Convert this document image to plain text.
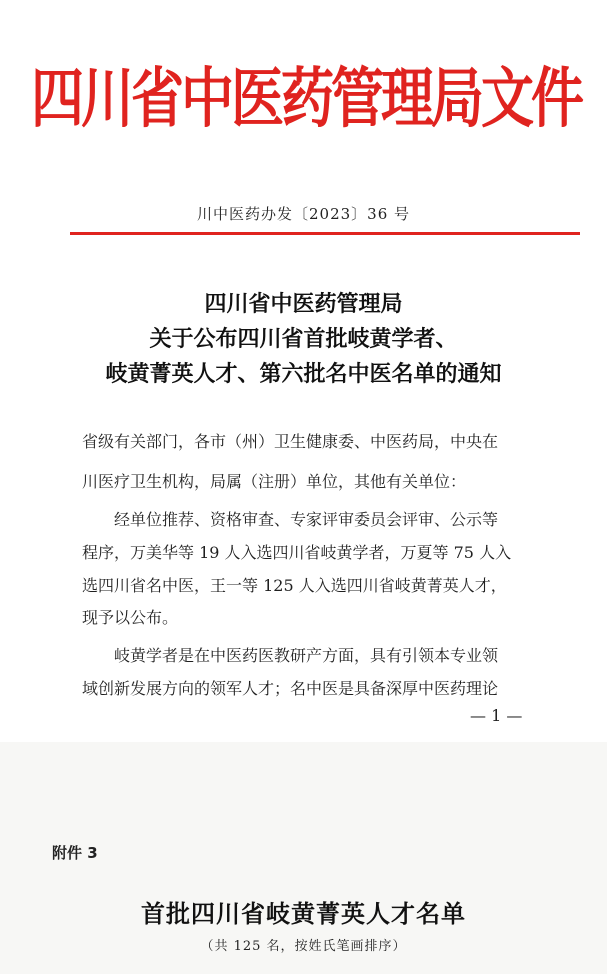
四川省中医药管理局文件
川中医药办发〔2023〕36 号
四川省中医药管理局
关于公布四川省首批岐黄学者、
岐黄菁英人才、第六批名中医名单的通知
省级有关部门，各市（州）卫生健康委、中医药局，中央在
川医疗卫生机构，局属（注册）单位，其他有关单位：
　　经单位推荐、资格审查、专家评审委员会评审、公示等
程序，万美华等 19 人入选四川省岐黄学者，万夏等 75 人入
选四川省名中医，王一等 125 人入选四川省岐黄菁英人才，
现予以公布。
　　岐黄学者是在中医药医教研产方面，具有引领本专业领
域创新发展方向的领军人才；名中医是具备深厚中医药理论
— 1 —
附件 3
首批四川省岐黄菁英人才名单
（共 125 名，按姓氏笔画排序）
